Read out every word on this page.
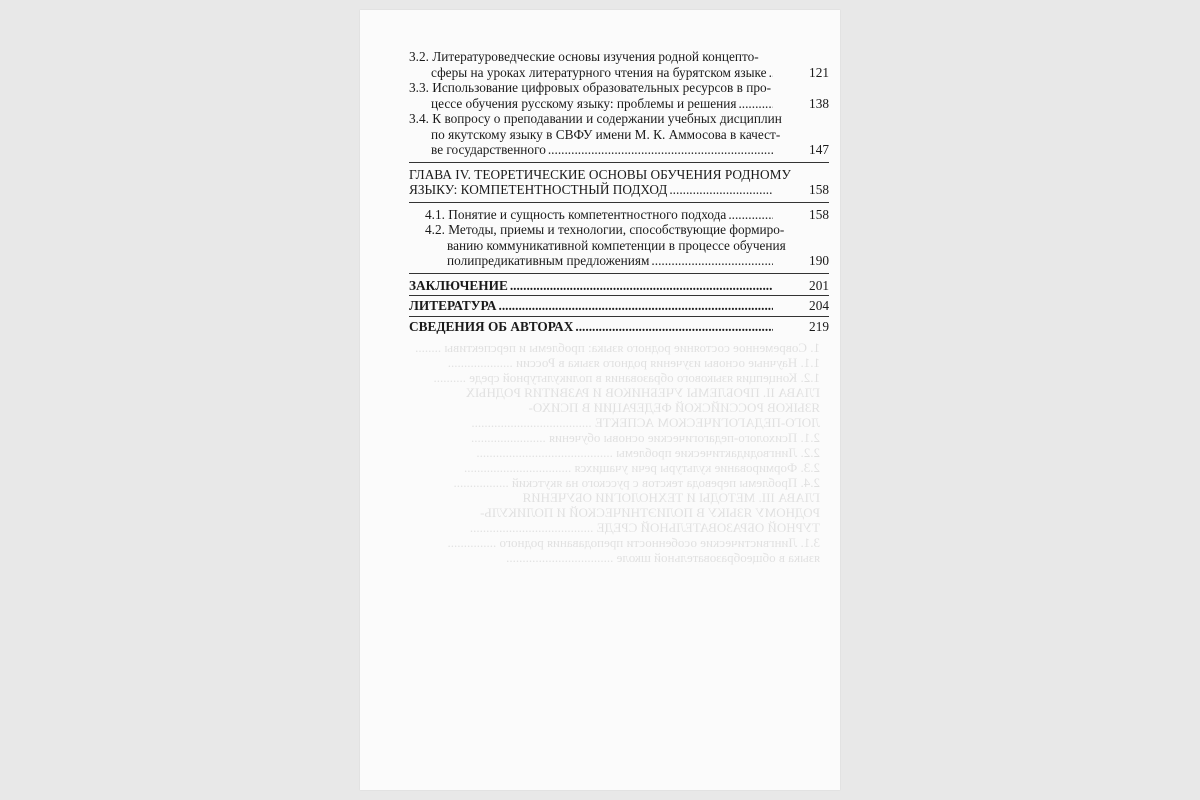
1. Современное состояние родного языка: проблемы и перспективы ........
1.1. Научные основы изучения родного языка в России ....................
1.2. Концепция языкового образования в поликультурной среде ..........
ГЛАВА II. ПРОБЛЕМЫ УЧЕБНИКОВ И РАЗВИТИЯ РОДНЫХ
ЯЗЫКОВ РОССИЙСКОЙ ФЕДЕРАЦИИ В ПСИХО-
ЛОГО-ПЕДАГОГИЧЕСКОМ АСПЕКТЕ .....................................
2.1. Психолого-педагогические основы обучения .......................
2.2. Лингводидактические проблемы ..........................................
2.3. Формирование культуры речи учащихся .................................
2.4. Проблемы перевода текстов с русского на якутский .................
ГЛАВА III. МЕТОДЫ И ТЕХНОЛОГИИ ОБУЧЕНИЯ
РОДНОМУ ЯЗЫКУ В ПОЛИЭТНИЧЕСКОЙ И ПОЛИКУЛЬ-
ТУРНОЙ ОБРАЗОВАТЕЛЬНОЙ СРЕДЕ ......................................
3.1. Лингвистические особенности преподавания родного ...............
языка в общеобразовательной школе .................................
3.2. Литературоведческие основы изучения родной концепто-
сферы на уроках литературного чтения на бурятском языке .....	121
3.3. Использование цифровых образовательных ресурсов в про-
цессе обучения русскому языку: проблемы и решения .....	138
3.4. К вопросу о преподавании и содержании учебных дисциплин
по якутскому языку в СВФУ имени М. К. Аммосова в качест-
ве государственного .....	147
ГЛАВА IV. ТЕОРЕТИЧЕСКИЕ ОСНОВЫ ОБУЧЕНИЯ РОДНОМУ
ЯЗЫКУ: КОМПЕТЕНТНОСТНЫЙ ПОДХОД .....	158
4.1. Понятие и сущность компетентностного подхода .....	158
4.2. Методы, приемы и технологии, способствующие формиро-
ванию коммуникативной компетенции в процессе обучения
полипредикативным предложениям .....	190
ЗАКЛЮЧЕНИЕ .....	201
ЛИТЕРАТУРА .....	204
СВЕДЕНИЯ ОБ АВТОРАХ .....	219
